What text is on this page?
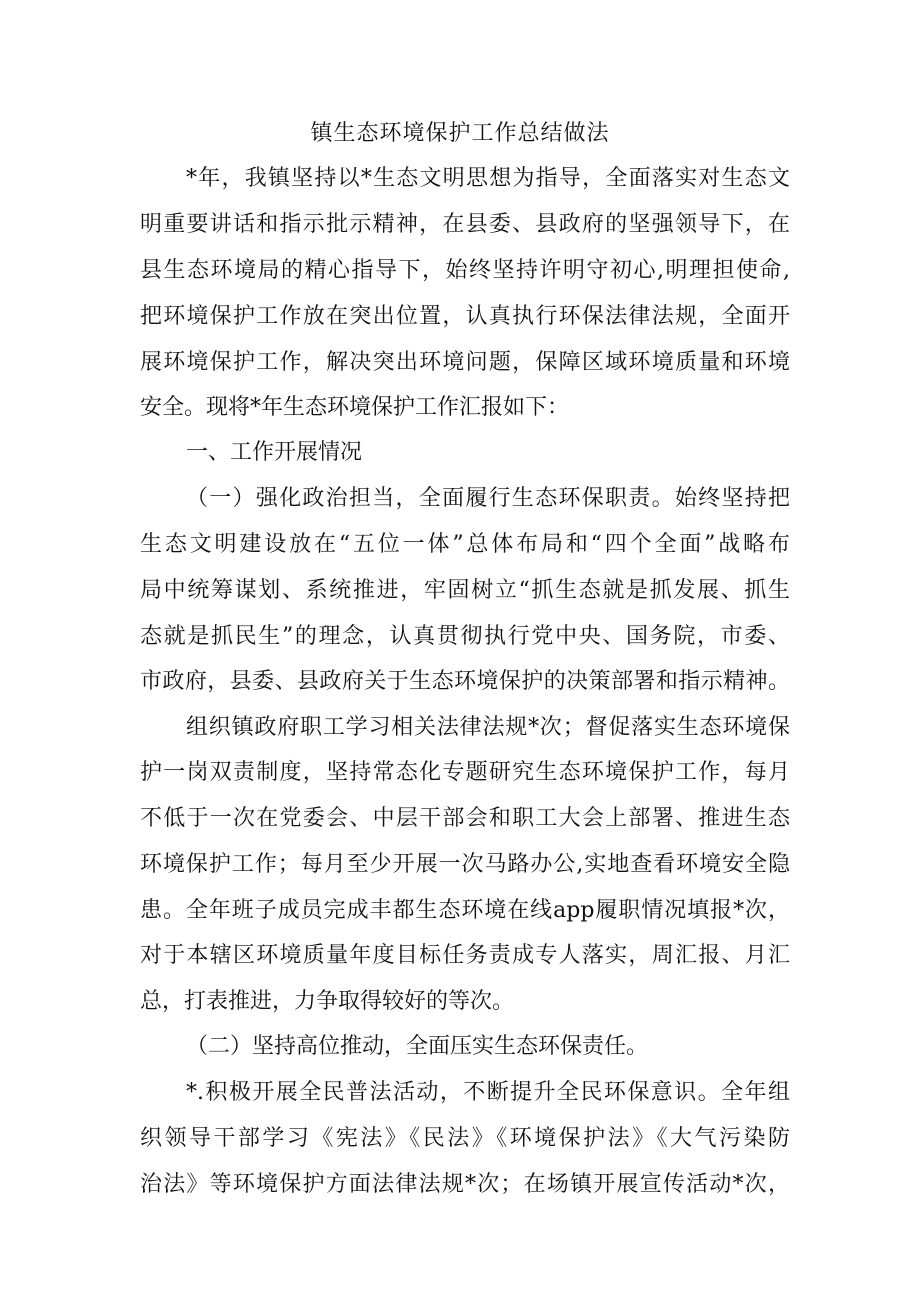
镇生态环境保护工作总结做法
*年，我镇坚持以*生态文明思想为指导，全面落实对生态文
明重要讲话和指示批示精神，在县委、县政府的坚强领导下，在
县生态环境局的精心指导下，始终坚持许明守初心,明理担使命,
把环境保护工作放在突出位置，认真执行环保法律法规，全面开
展环境保护工作，解决突出环境问题，保障区域环境质量和环境
安全。现将*年生态环境保护工作汇报如下：
一、工作开展情况
（一）强化政治担当，全面履行生态环保职责。始终坚持把
生态文明建设放在“五位一体”总体布局和“四个全面”战略布
局中统筹谋划、系统推进，牢固树立“抓生态就是抓发展、抓生
态就是抓民生”的理念，认真贯彻执行党中央、国务院，市委、
市政府，县委、县政府关于生态环境保护的决策部署和指示精神。
组织镇政府职工学习相关法律法规*次；督促落实生态环境保
护一岗双责制度，坚持常态化专题研究生态环境保护工作，每月
不低于一次在党委会、中层干部会和职工大会上部署、推进生态
环境保护工作；每月至少开展一次马路办公,实地查看环境安全隐
患。全年班子成员完成丰都生态环境在线app履职情况填报*次，
对于本辖区环境质量年度目标任务责成专人落实，周汇报、月汇
总，打表推进，力争取得较好的等次。
（二）坚持高位推动，全面压实生态环保责任。
*.积极开展全民普法活动，不断提升全民环保意识。全年组
织领导干部学习《宪法》《民法》《环境保护法》《大气污染防
治法》等环境保护方面法律法规*次；在场镇开展宣传活动*次，
